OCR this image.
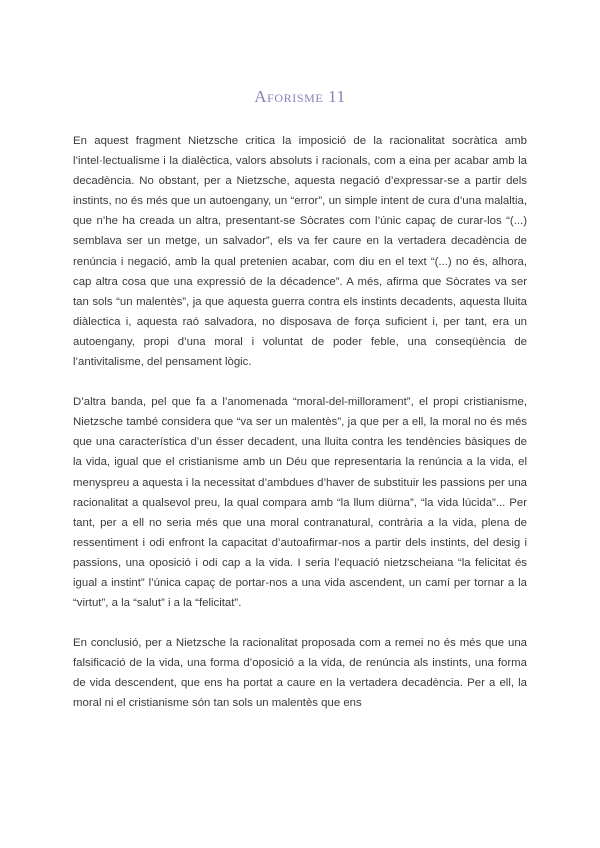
Aforisme 11

En aquest fragment Nietzsche critica la imposició de la racionalitat socràtica amb l’intel·lectualisme i la dialèctica, valors absoluts i racionals, com a eina per acabar amb la decadència. No obstant, per a Nietzsche, aquesta negació d’expressar-se a partir dels instints, no és més que un autoengany, un “error”, un simple intent de cura d’una malaltia, que n’he ha creada un altra, presentant-se Sòcrates com l’únic capaç de curar-los “(...) semblava ser un metge, un salvador”, els va fer caure en la vertadera decadència de renúncia i negació, amb la qual pretenien acabar, com diu en el text “(...) no és, alhora, cap altra cosa que una expressió de la décadence”. A més, afirma que Sòcrates va ser tan sols “un malentès”, ja que aquesta guerra contra els instints decadents, aquesta lluita diàlectica i, aquesta raó salvadora, no disposava de força suficient i, per tant, era un autoengany, propi d’una moral i voluntat de poder feble, una conseqüència de l’antivitalisme, del pensament lògic.

D’altra banda, pel que fa a l’anomenada “moral-del-millorament”, el propi cristianisme, Nietzsche també considera que “va ser un malentès”, ja que per a ell, la moral no és més que una característica d’un ésser decadent, una lluita contra les tendències bàsiques de la vida, igual que el cristianisme amb un Déu que representaria la renúncia a la vida, el menyspreu a aquesta i la necessitat d’ambdues d’haver de substituir les passions per una racionalitat a qualsevol preu, la qual compara amb “la llum diürna”, “la vida lúcida”... Per tant, per a ell no seria més que una moral contranatural, contrària a la vida, plena de ressentiment i odi enfront la capacitat d’autoafirmar-nos a partir dels instints, del desig i passions, una oposició i odi cap a la vida. I seria l’equació nietzscheiana “la felicitat és igual a instint” l’única capaç de portar-nos a una vida ascendent, un camí per tornar a la “virtut”, a la “salut” i a la “felicitat”.

En conclusió, per a Nietzsche la racionalitat proposada com a remei no és més que una falsificació de la vida, una forma d’oposició a la vida, de renúncia als instints, una forma de vida descendent, que ens ha portat a caure en la vertadera decadència. Per a ell, la moral ni el cristianisme són tan sols un malentès que ens
